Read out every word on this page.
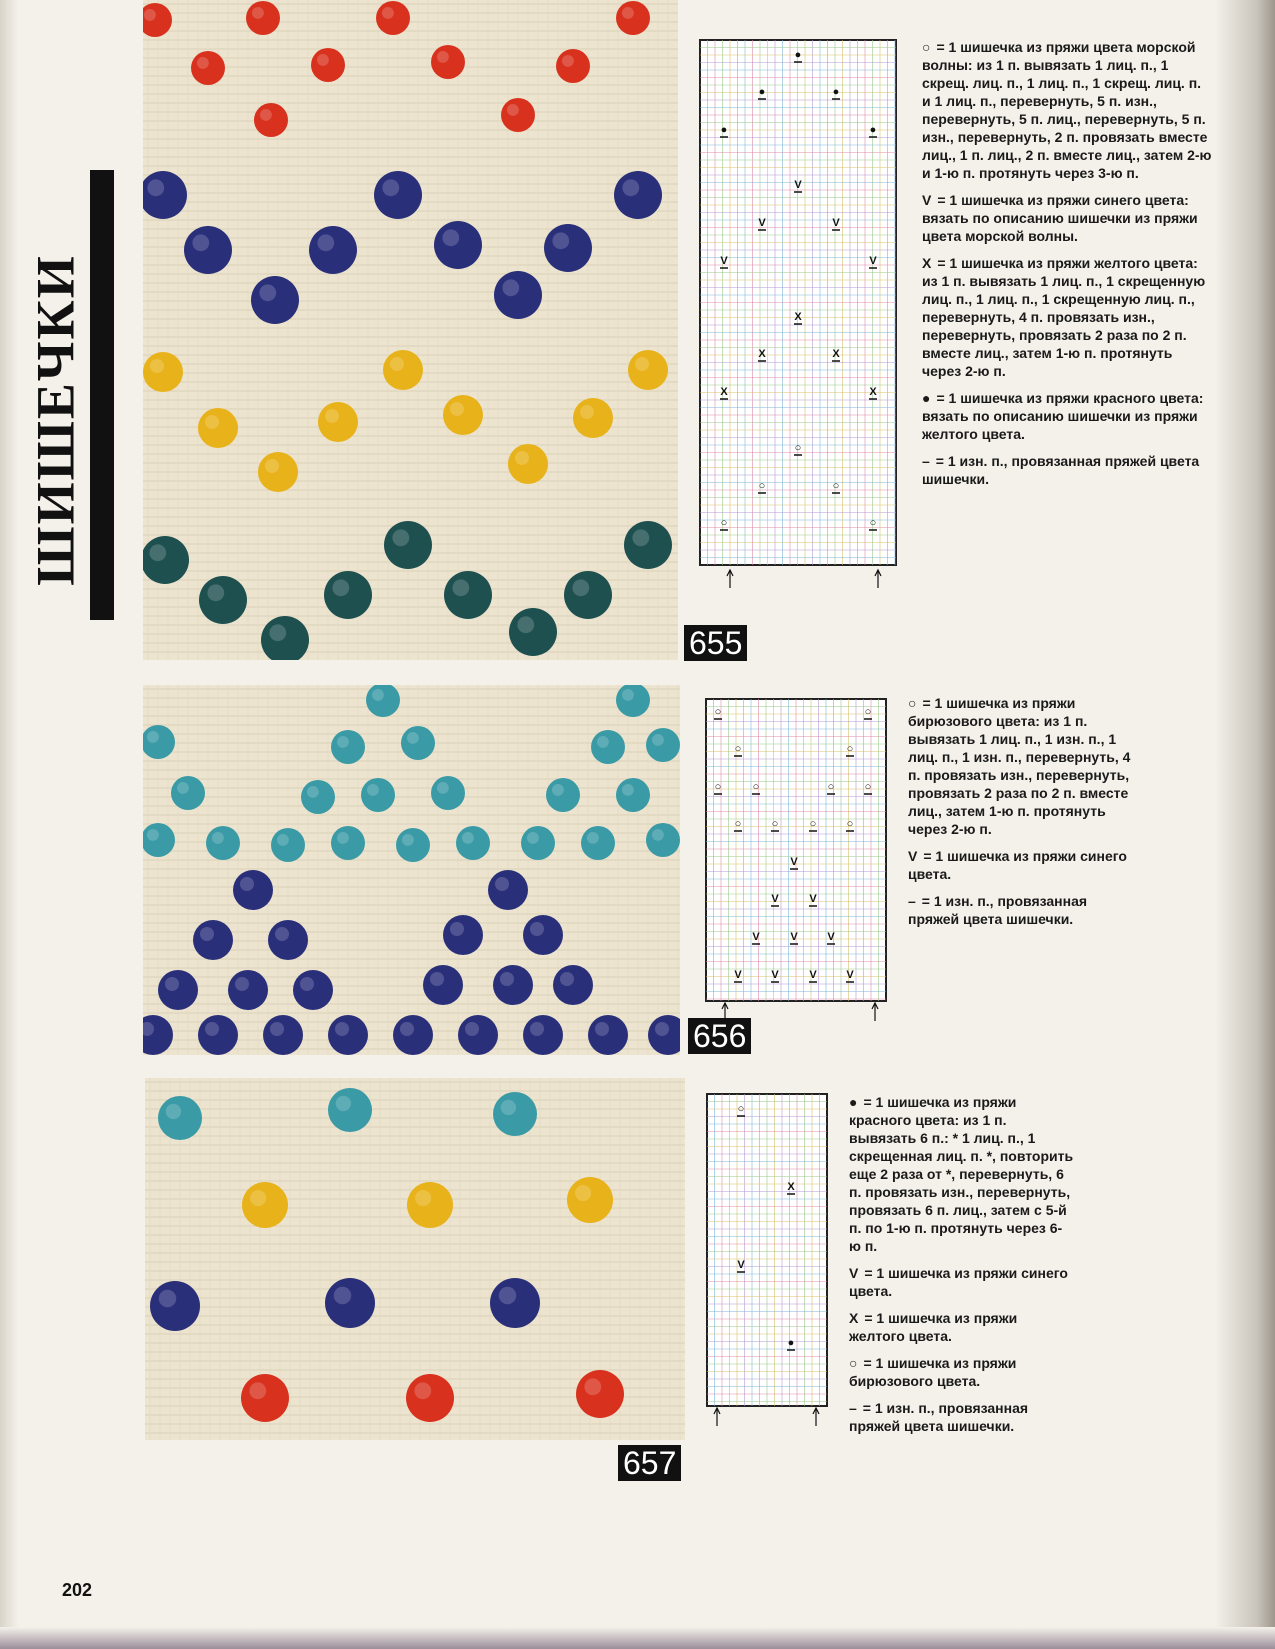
ШИШЕЧКИ
655
●
●	●
●	●
V
V	V
V	V
X
X	X
X	X
○
○	○
○	○
○ = 1 шишечка из пряжи цвета морской волны: из 1 п. вывязать 1 лиц. п., 1 скрещ. лиц. п., 1 лиц. п., 1 скрещ. лиц. п. и 1 лиц. п., перевернуть, 5 п. изн., перевернуть, 5 п. лиц., перевернуть, 5 п. изн., перевернуть, 2 п. провязать вместе лиц., 1 п. лиц., 2 п. вместе лиц., затем 2-ю и 1-ю п. протянуть через 3-ю п.
V = 1 шишечка из пряжи синего цвета: вязать по описанию шишечки из пряжи цвета морской волны.
X = 1 шишечка из пряжи желтого цвета: из 1 п. вывязать 1 лиц. п., 1 скрещенную лиц. п., 1 лиц. п., 1 скрещенную лиц. п., перевернуть, 4 п. провязать изн., перевернуть, провязать 2 раза по 2 п. вместе лиц., затем 1-ю п. протянуть через 2-ю п.
● = 1 шишечка из пряжи красного цвета: вязать по описанию шишечки из пряжи желтого цвета.
– = 1 изн. п., провязанная пряжей цвета шишечки.
656
○	○
○	○
○	○	○	○
○	○	○	○
V
V	V
V	V	V
V	V	V	V
○ = 1 шишечка из пряжи бирюзового цвета: из 1 п. вывязать 1 лиц. п., 1 изн. п., 1 лиц. п., 1 изн. п., перевернуть, 4 п. провязать изн., перевернуть, провязать 2 раза по 2 п. вместе лиц., затем 1-ю п. протянуть через 2-ю п.
V = 1 шишечка из пряжи синего цвета.
– = 1 изн. п., провязанная пряжей цвета шишечки.
657
○
X
V
●
● = 1 шишечка из пряжи красного цвета: из 1 п. вывязать 6 п.: * 1 лиц. п., 1 скрещенная лиц. п. *, повторить еще 2 раза от *, перевернуть, 6 п. провязать изн., перевернуть, провязать 6 п. лиц., затем с 5-й п. по 1-ю п. протянуть через 6-ю п.
V = 1 шишечка из пряжи синего цвета.
X = 1 шишечка из пряжи желтого цвета.
○ = 1 шишечка из пряжи бирюзового цвета.
– = 1 изн. п., провязанная пряжей цвета шишечки.
202
